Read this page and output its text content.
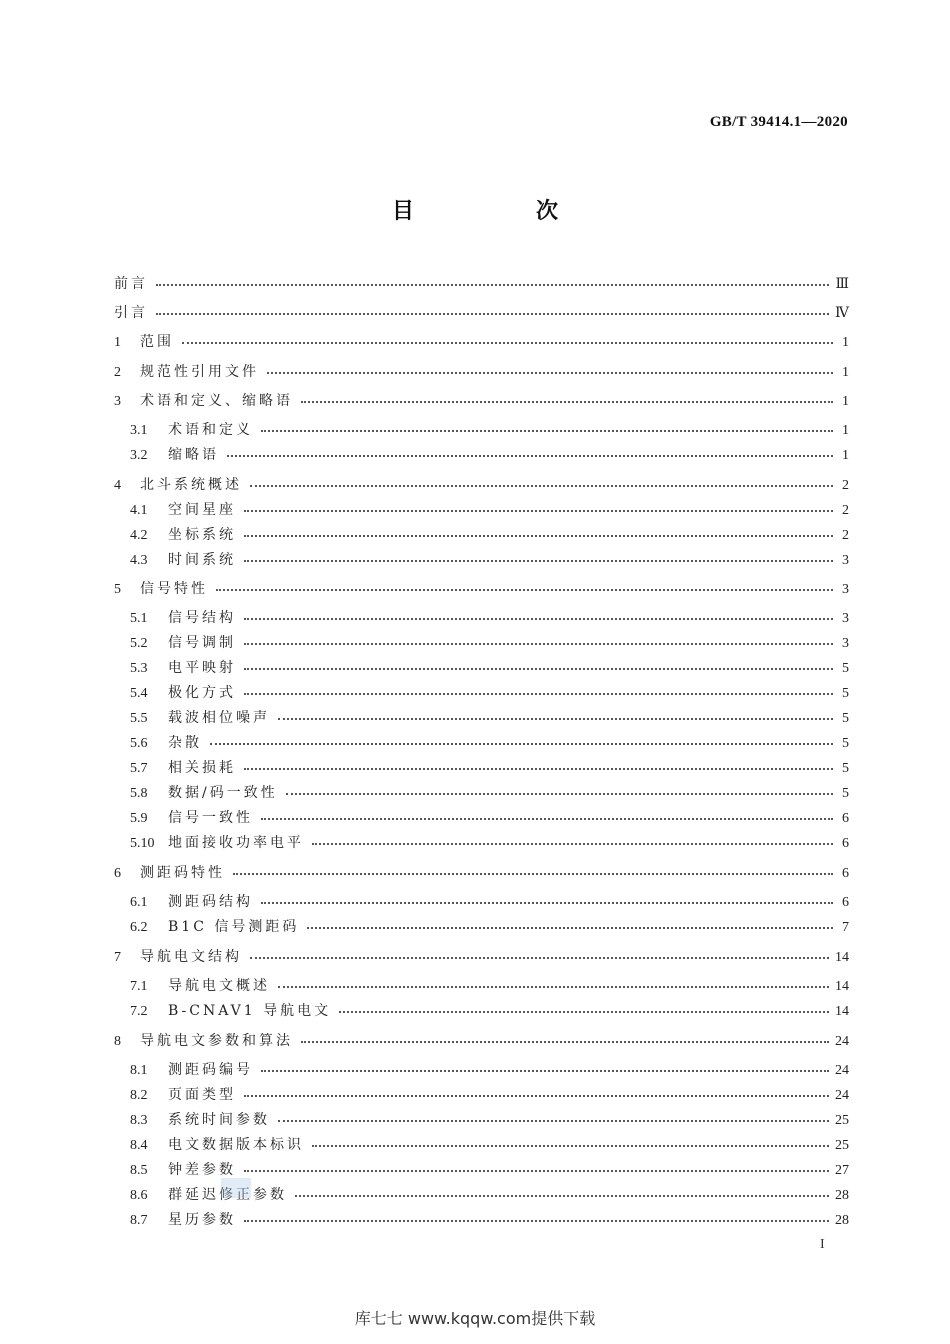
GB/T 39414.1—2020
目　次
前言	Ⅲ
引言	Ⅳ
1	范围	1
2	规范性引用文件	1
3	术语和定义、缩略语	1
3.1	术语和定义	1
3.2	缩略语	1
4	北斗系统概述	2
4.1	空间星座	2
4.2	坐标系统	2
4.3	时间系统	3
5	信号特性	3
5.1	信号结构	3
5.2	信号调制	3
5.3	电平映射	5
5.4	极化方式	5
5.5	载波相位噪声	5
5.6	杂散	5
5.7	相关损耗	5
5.8	数据/码一致性	5
5.9	信号一致性	6
5.10 地面接收功率电平	6
6	测距码特性	6
6.1	测距码结构	6
6.2	B1C 信号测距码	7
7	导航电文结构	14
7.1	导航电文概述	14
7.2	B-CNAV1 导航电文	14
8	导航电文参数和算法	24
8.1	测距码编号	24
8.2	页面类型	24
8.3	系统时间参数	25
8.4	电文数据版本标识	25
8.5	钟差参数	27
8.6	群延迟修正参数	28
8.7	星历参数	28
I
库七七 www.kqqw.com提供下载
